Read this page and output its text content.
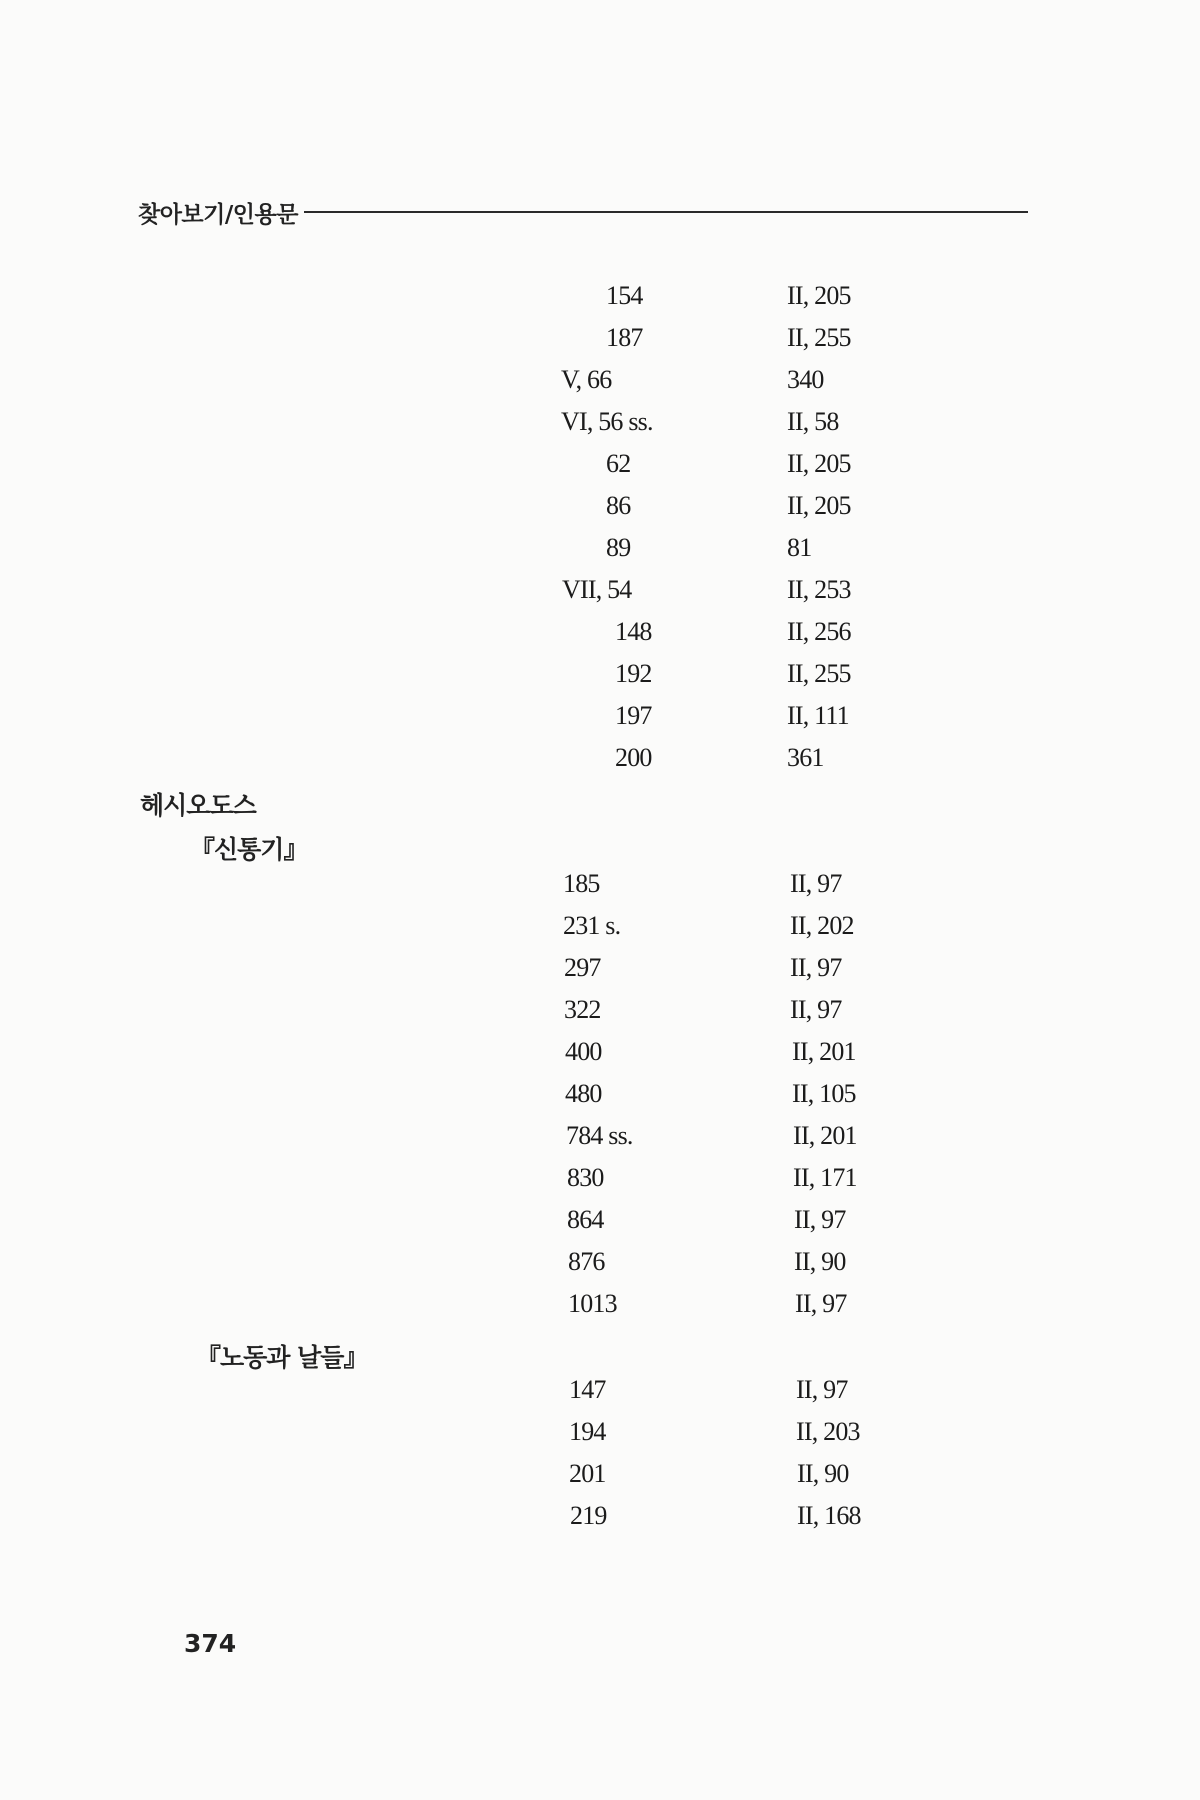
찾아보기/인용문
154	II, 205
187	II, 255
V, 66	340
VI, 56 ss.	II, 58
62	II, 205
86	II, 205
89	81
VII, 54	II, 253
148	II, 256
192	II, 255
197	II, 111
200	361
헤시오도스
『신통기』
185	II, 97
231 s.	II, 202
297	II, 97
322	II, 97
400	II, 201
480	II, 105
784 ss.	II, 201
830	II, 171
864	II, 97
876	II, 90
1013	II, 97
『노동과 날들』
147	II, 97
194	II, 203
201	II, 90
219	II, 168
374
